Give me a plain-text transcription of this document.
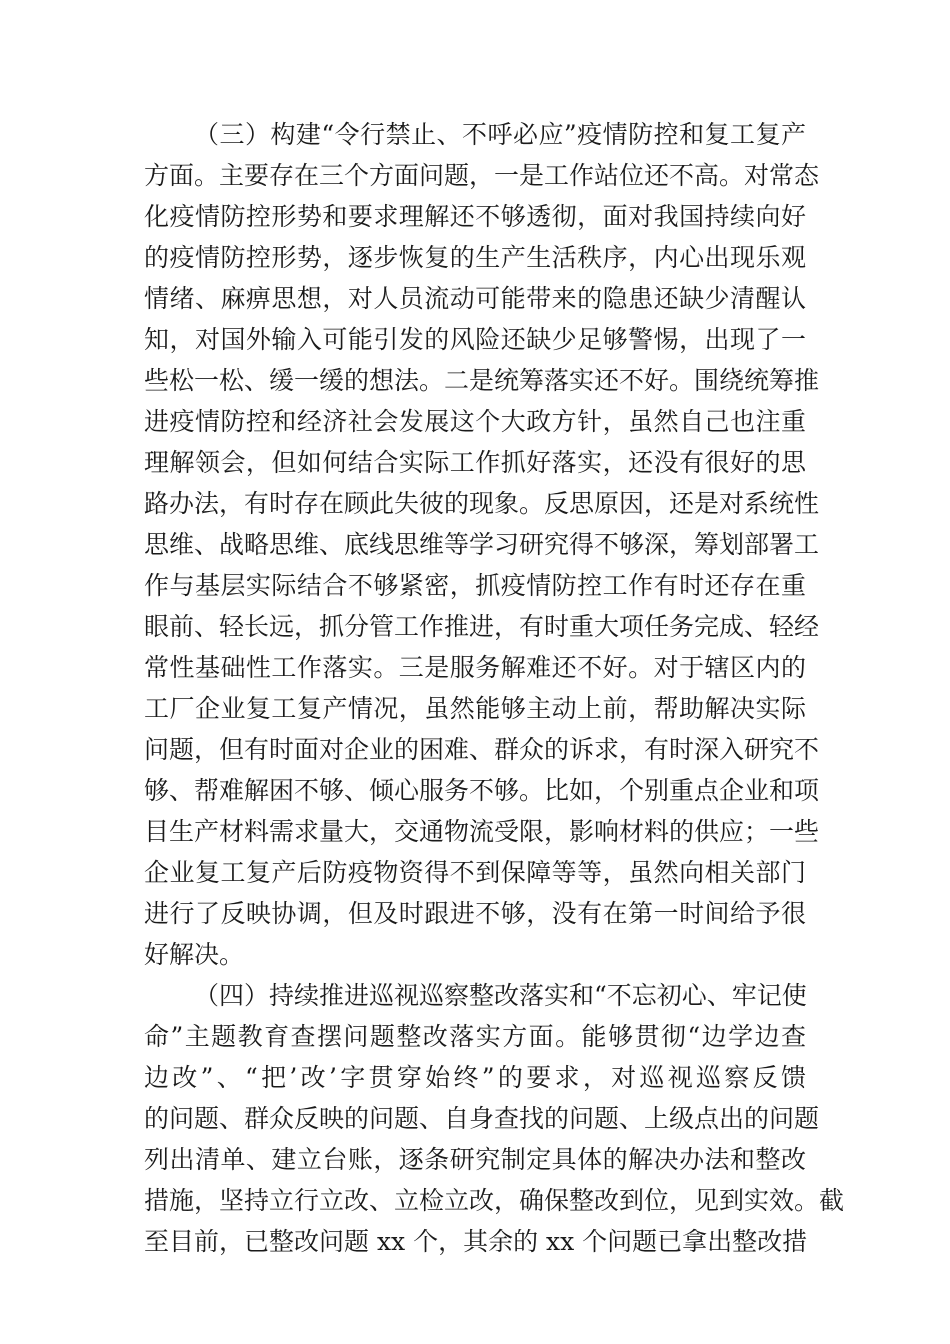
（三）构建“令行禁止、不呼必应”疫情防控和复工复产
方面。主要存在三个方面问题，一是工作站位还不高。对常态
化疫情防控形势和要求理解还不够透彻，面对我国持续向好
的疫情防控形势，逐步恢复的生产生活秩序，内心出现乐观
情绪、麻痹思想，对人员流动可能带来的隐患还缺少清醒认
知，对国外输入可能引发的风险还缺少足够警惕，出现了一
些松一松、缓一缓的想法。二是统筹落实还不好。围绕统筹推
进疫情防控和经济社会发展这个大政方针，虽然自己也注重
理解领会，但如何结合实际工作抓好落实，还没有很好的思
路办法，有时存在顾此失彼的现象。反思原因，还是对系统性
思维、战略思维、底线思维等学习研究得不够深，筹划部署工
作与基层实际结合不够紧密，抓疫情防控工作有时还存在重
眼前、轻长远，抓分管工作推进，有时重大项任务完成、轻经
常性基础性工作落实。三是服务解难还不好。对于辖区内的
工厂企业复工复产情况，虽然能够主动上前，帮助解决实际
问题，但有时面对企业的困难、群众的诉求，有时深入研究不
够、帮难解困不够、倾心服务不够。比如，个别重点企业和项
目生产材料需求量大，交通物流受限，影响材料的供应；一些
企业复工复产后防疫物资得不到保障等等，虽然向相关部门
进行了反映协调，但及时跟进不够，没有在第一时间给予很
好解决。
（四）持续推进巡视巡察整改落实和“不忘初心、牢记使
命”主题教育查摆问题整改落实方面。能够贯彻“边学边查
边改”、“把’改’字贯穿始终”的要求，对巡视巡察反馈
的问题、群众反映的问题、自身查找的问题、上级点出的问题
列出清单、建立台账，逐条研究制定具体的解决办法和整改
措施，坚持立行立改、立检立改，确保整改到位，见到实效。截
至目前，已整改问题 xx 个，其余的 xx 个问题已拿出整改措
